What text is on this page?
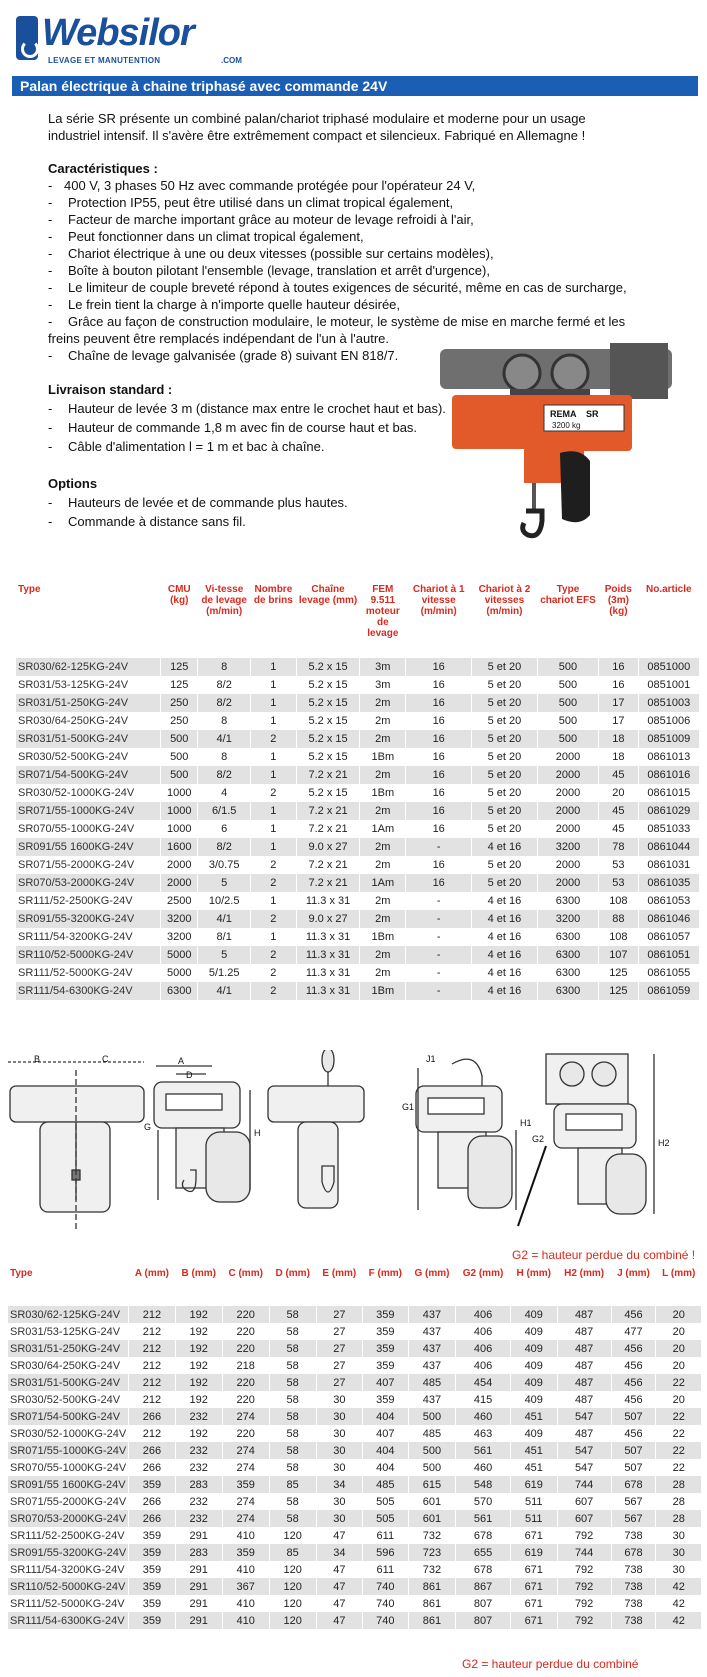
Websilor
LEVAGE ET MANUTENTION	.COM
Palan électrique à chaine triphasé avec commande 24V

La série SR présente un combiné palan/chariot triphasé modulaire et moderne pour un usage industriel intensif. Il s'avère être extrêmement compact et silencieux. Fabriqué en Allemagne !

Caractéristiques :
- 400 V, 3 phases 50 Hz avec commande protégée pour l'opérateur 24 V,
- Protection IP55, peut être utilisé dans un climat tropical également,
- Facteur de marche important grâce au moteur de levage refroidi à l'air,
- Peut fonctionner dans un climat tropical également,
- Chariot électrique à une ou deux vitesses (possible sur certains modèles),
- Boîte à bouton pilotant l'ensemble (levage, translation et arrêt d'urgence),
- Le limiteur de couple breveté répond à toutes exigences de sécurité, même en cas de surcharge,
- Le frein tient la charge à n'importe quelle hauteur désirée,
- Grâce au façon de construction modulaire, le moteur, le système de mise en marche fermé et les
freins peuvent être remplacés indépendant de l'un à l'autre.
- Chaîne de levage galvanisée (grade 8) suivant EN 818/7.
Livraison standard :
- Hauteur de levée 3 m (distance max entre le crochet haut et bas).
- Hauteur de commande 1,8 m avec fin de course haut et bas.
- Câble d'alimentation l = 1 m et bac à chaîne.
Options
- Hauteurs de levée et de commande plus hautes.
- Commande à distance sans fil.
REMA SR
3200 kg
Type	CMU (kg)	Vi-tesse de levage (m/min)	Nombre de brins	Chaîne levage (mm)	FEM 9.511 moteur de levage	Chariot à 1 vitesse (m/min)	Chariot à 2 vitesses (m/min)	Type chariot EFS	Poids (3m) (kg)	No.article

SR030/62-125KG-24V	125	8	1	5.2 x 15	3m	16	5 et 20	500	16	0851000
SR031/53-125KG-24V	125	8/2	1	5.2 x 15	3m	16	5 et 20	500	16	0851001
SR031/51-250KG-24V	250	8/2	1	5.2 x 15	2m	16	5 et 20	500	17	0851003
SR030/64-250KG-24V	250	8	1	5.2 x 15	2m	16	5 et 20	500	17	0851006
SR031/51-500KG-24V	500	4/1	2	5.2 x 15	2m	16	5 et 20	500	18	0851009
SR030/52-500KG-24V	500	8	1	5.2 x 15	1Bm	16	5 et 20	2000	18	0861013
SR071/54-500KG-24V	500	8/2	1	7.2 x 21	2m	16	5 et 20	2000	45	0861016
SR030/52-1000KG-24V	1000	4	2	5.2 x 15	1Bm	16	5 et 20	2000	20	0861015
SR071/55-1000KG-24V	1000	6/1.5	1	7.2 x 21	2m	16	5 et 20	2000	45	0861029
SR070/55-1000KG-24V	1000	6	1	7.2 x 21	1Am	16	5 et 20	2000	45	0851033
SR091/55 1600KG-24V	1600	8/2	1	9.0 x 27	2m	-	4 et 16	3200	78	0861044
SR071/55-2000KG-24V	2000	3/0.75	2	7.2 x 21	2m	16	5 et 20	2000	53	0861031
SR070/53-2000KG-24V	2000	5	2	7.2 x 21	1Am	16	5 et 20	2000	53	0861035
SR111/52-2500KG-24V	2500	10/2.5	1	11.3 x 31	2m	-	4 et 16	6300	108	0861053
SR091/55-3200KG-24V	3200	4/1	2	9.0 x 27	2m	-	4 et 16	3200	88	0861046
SR111/54-3200KG-24V	3200	8/1	1	11.3 x 31	1Bm	-	4 et 16	6300	108	0861057
SR110/52-5000KG-24V	5000	5	2	11.3 x 31	2m	-	4 et 16	6300	107	0861051
SR111/52-5000KG-24V	5000	5/1.25	2	11.3 x 31	2m	-	4 et 16	6300	125	0861055
SR111/54-6300KG-24V	6300	4/1	2	11.3 x 31	1Bm	-	4 et 16	6300	125	0861059
B	C	A
D
G
H
J1
G1
H1
G2	H2
G2 = hauteur perdue du combiné !
Type	A (mm)	B (mm)	C (mm)	D (mm)	E (mm)	F (mm)	G (mm)	G2 (mm)	H (mm)	H2 (mm)	J (mm)	L (mm)

SR030/62-125KG-24V	212	192	220	58	27	359	437	406	409	487	456	20
SR031/53-125KG-24V	212	192	220	58	27	359	437	406	409	487	477	20
SR031/51-250KG-24V	212	192	220	58	27	359	437	406	409	487	456	20
SR030/64-250KG-24V	212	192	218	58	27	359	437	406	409	487	456	20
SR031/51-500KG-24V	212	192	220	58	27	407	485	454	409	487	456	22
SR030/52-500KG-24V	212	192	220	58	30	359	437	415	409	487	456	20
SR071/54-500KG-24V	266	232	274	58	30	404	500	460	451	547	507	22
SR030/52-1000KG-24V	212	192	220	58	30	407	485	463	409	487	456	22
SR071/55-1000KG-24V	266	232	274	58	30	404	500	561	451	547	507	22
SR070/55-1000KG-24V	266	232	274	58	30	404	500	460	451	547	507	22
SR091/55 1600KG-24V	359	283	359	85	34	485	615	548	619	744	678	28
SR071/55-2000KG-24V	266	232	274	58	30	505	601	570	511	607	567	28
SR070/53-2000KG-24V	266	232	274	58	30	505	601	561	511	607	567	28
SR111/52-2500KG-24V	359	291	410	120	47	611	732	678	671	792	738	30
SR091/55-3200KG-24V	359	283	359	85	34	596	723	655	619	744	678	30
SR111/54-3200KG-24V	359	291	410	120	47	611	732	678	671	792	738	30
SR110/52-5000KG-24V	359	291	367	120	47	740	861	867	671	792	738	42
SR111/52-5000KG-24V	359	291	410	120	47	740	861	807	671	792	738	42
SR111/54-6300KG-24V	359	291	410	120	47	740	861	807	671	792	738	42
G2 = hauteur perdue du combiné
